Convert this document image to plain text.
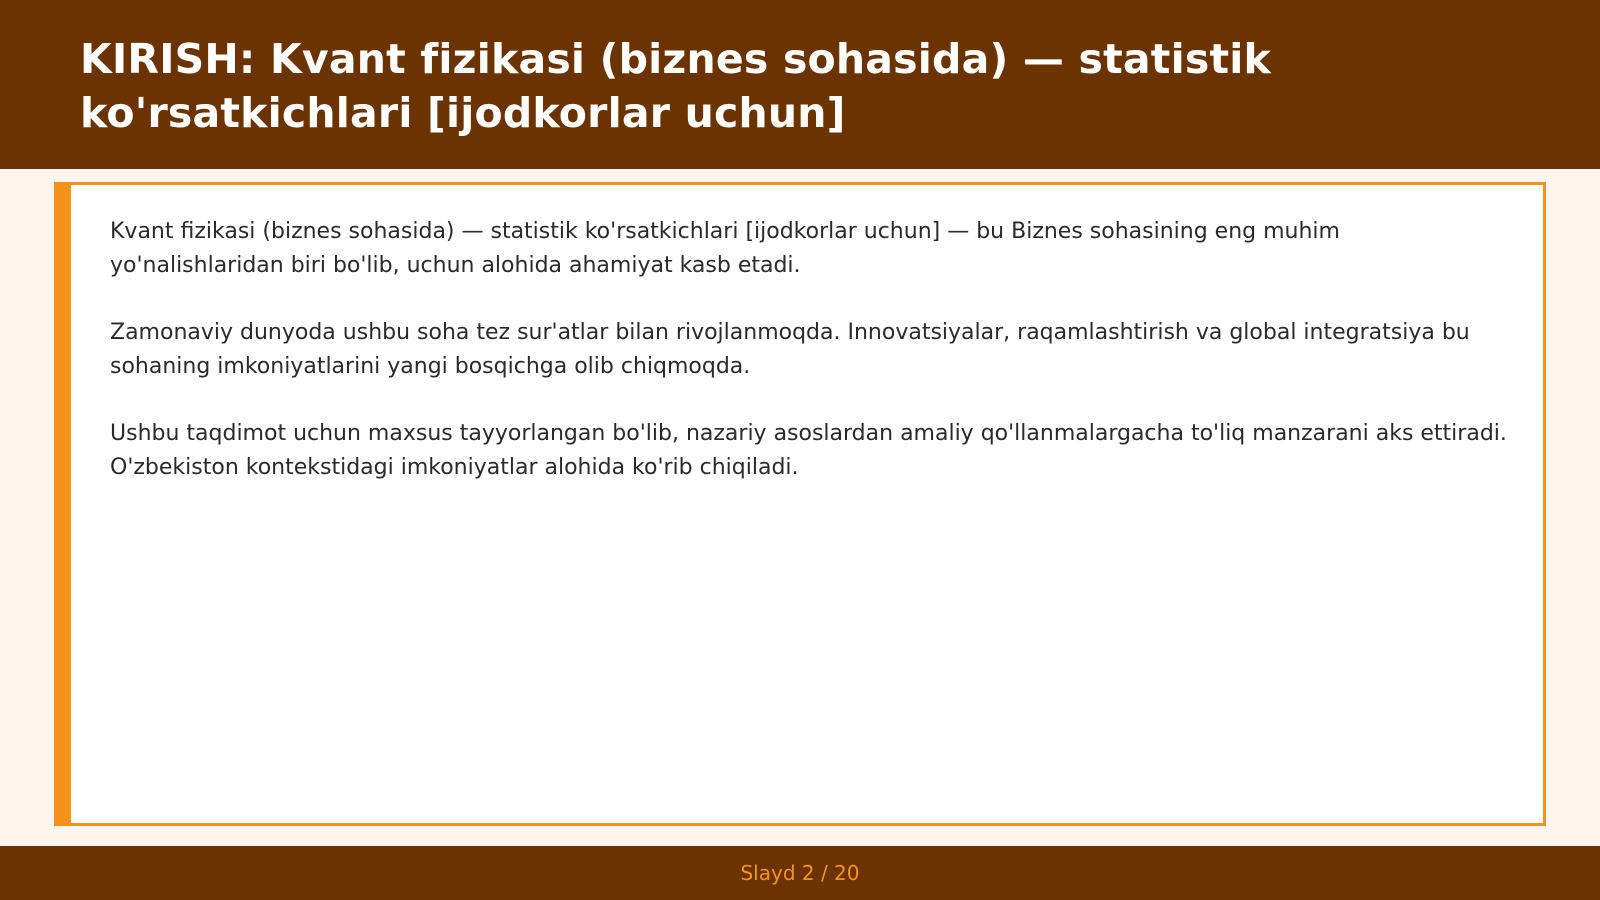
KIRISH: Kvant fizikasi (biznes sohasida) — statistik ko'rsatkichlari [ijodkorlar uchun]

Kvant fizikasi (biznes sohasida) — statistik ko'rsatkichlari [ijodkorlar uchun] — bu Biznes sohasining eng muhim yo'nalishlaridan biri bo'lib, uchun alohida ahamiyat kasb etadi.

Zamonaviy dunyoda ushbu soha tez sur'atlar bilan rivojlanmoqda. Innovatsiyalar, raqamlashtirish va global integratsiya bu sohaning imkoniyatlarini yangi bosqichga olib chiqmoqda.

Ushbu taqdimot uchun maxsus tayyorlangan bo'lib, nazariy asoslardan amaliy qo'llanmalargacha to'liq manzarani aks ettiradi. O'zbekiston kontekstidagi imkoniyatlar alohida ko'rib chiqiladi.

Slayd 2 / 20
